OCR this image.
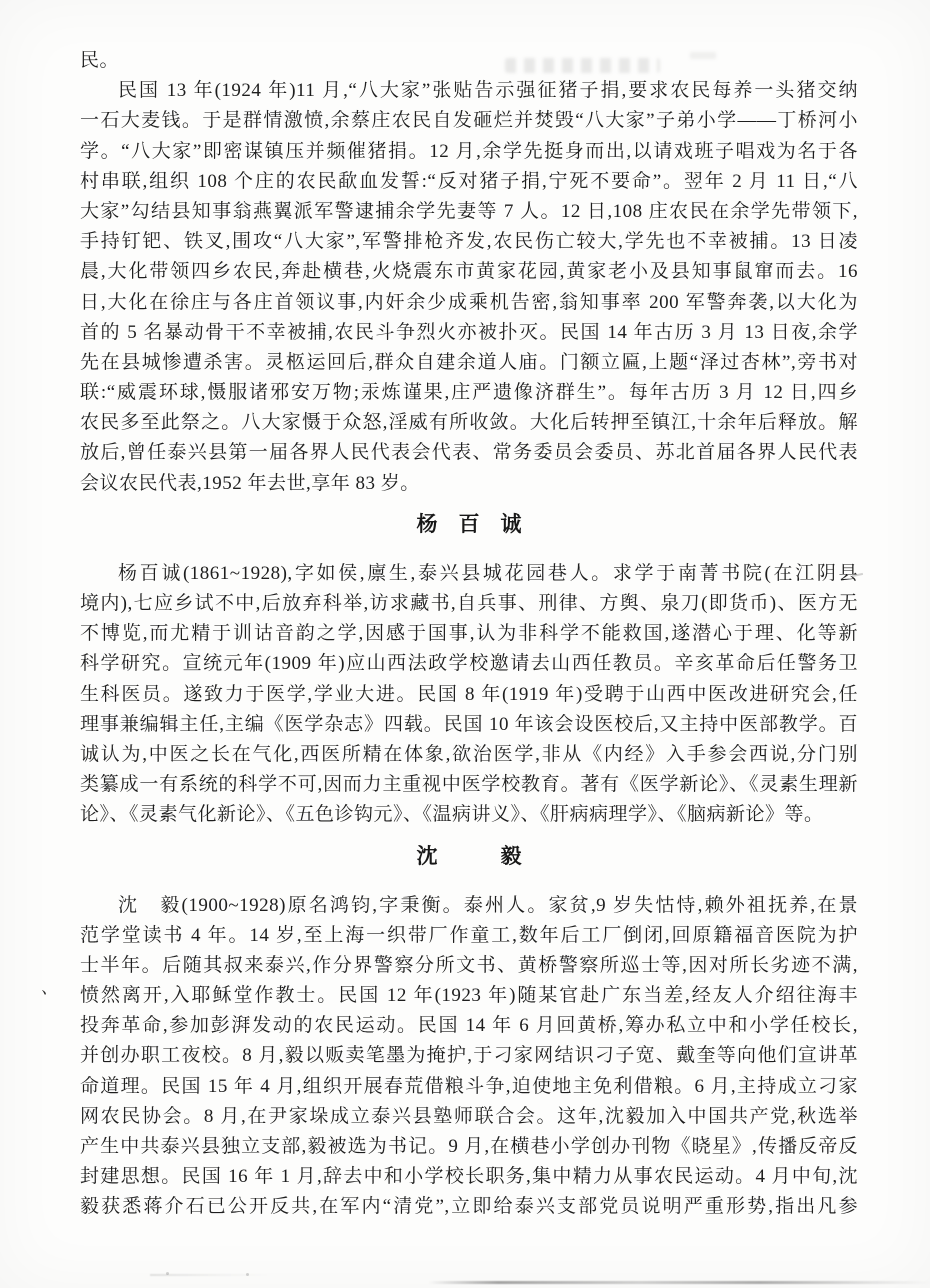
民。
民国 13 年(1924 年)11 月,“八大家”张贴告示强征猪子捐,要求农民每养一头猪交纳
一石大麦钱。于是群情激愤,余蔡庄农民自发砸烂并焚毁“八大家”子弟小学——丁桥河小
学。“八大家”即密谋镇压并频催猪捐。12 月,余学先挺身而出,以请戏班子唱戏为名于各
村串联,组织 108 个庄的农民歃血发誓:“反对猪子捐,宁死不要命”。翌年 2 月 11 日,“八
大家”勾结县知事翁燕翼派军警逮捕余学先妻等 7 人。12 日,108 庄农民在余学先带领下,
手持钉钯、铁叉,围攻“八大家”,军警排枪齐发,农民伤亡较大,学先也不幸被捕。13 日凌
晨,大化带领四乡农民,奔赴横巷,火烧震东市黄家花园,黄家老小及县知事鼠窜而去。16
日,大化在徐庄与各庄首领议事,内奸余少成乘机告密,翁知事率 200 军警奔袭,以大化为
首的 5 名暴动骨干不幸被捕,农民斗争烈火亦被扑灭。民国 14 年古历 3 月 13 日夜,余学
先在县城惨遭杀害。灵柩运回后,群众自建余道人庙。门额立匾,上题“泽过杏林”,旁书对
联:“威震环球,慑服诸邪安万物;汞炼谨果,庄严遗像济群生”。每年古历 3 月 12 日,四乡
农民多至此祭之。八大家慑于众怒,淫威有所收敛。大化后转押至镇江,十余年后释放。解
放后,曾任泰兴县第一届各界人民代表会代表、常务委员会委员、苏北首届各界人民代表
会议农民代表,1952 年去世,享年 83 岁。
杨　百　诚
杨百诚(1861~1928),字如侯,廪生,泰兴县城花园巷人。求学于南菁书院(在江阴县
境内),七应乡试不中,后放弃科举,访求藏书,自兵事、刑律、方舆、泉刀(即货币)、医方无
不博览,而尤精于训诂音韵之学,因感于国事,认为非科学不能救国,遂潜心于理、化等新
科学研究。宣统元年(1909 年)应山西法政学校邀请去山西任教员。辛亥革命后任警务卫
生科医员。遂致力于医学,学业大进。民国 8 年(1919 年)受聘于山西中医改进研究会,任
理事兼编辑主任,主编《医学杂志》四载。民国 10 年该会设医校后,又主持中医部教学。百
诚认为,中医之长在气化,西医所精在体象,欲治医学,非从《内经》入手参会西说,分门别
类纂成一有系统的科学不可,因而力主重视中医学校教育。著有《医学新论》、《灵素生理新
论》、《灵素气化新论》、《五色诊钩元》、《温病讲义》、《肝病病理学》、《脑病新论》等。
沈　　　毅
沈　毅(1900~1928)原名鸿钧,字秉衡。泰州人。家贫,9 岁失怙恃,赖外祖抚养,在景
范学堂读书 4 年。14 岁,至上海一织带厂作童工,数年后工厂倒闭,回原籍福音医院为护
士半年。后随其叔来泰兴,作分界警察分所文书、黄桥警察所巡士等,因对所长劣迹不满,
愤然离开,入耶稣堂作教士。民国 12 年(1923 年)随某官赴广东当差,经友人介绍往海丰
投奔革命,参加彭湃发动的农民运动。民国 14 年 6 月回黄桥,筹办私立中和小学任校长,
并创办职工夜校。8 月,毅以贩卖笔墨为掩护,于刁家网结识刁子宽、戴奎等向他们宣讲革
命道理。民国 15 年 4 月,组织开展春荒借粮斗争,迫使地主免利借粮。6 月,主持成立刁家
网农民协会。8 月,在尹家垛成立泰兴县塾师联合会。这年,沈毅加入中国共产党,秋选举
产生中共泰兴县独立支部,毅被选为书记。9 月,在横巷小学创办刊物《晓星》,传播反帝反
封建思想。民国 16 年 1 月,辞去中和小学校长职务,集中精力从事农民运动。4 月中旬,沈
毅获悉蒋介石已公开反共,在军内“清党”,立即给泰兴支部党员说明严重形势,指出凡参
、
